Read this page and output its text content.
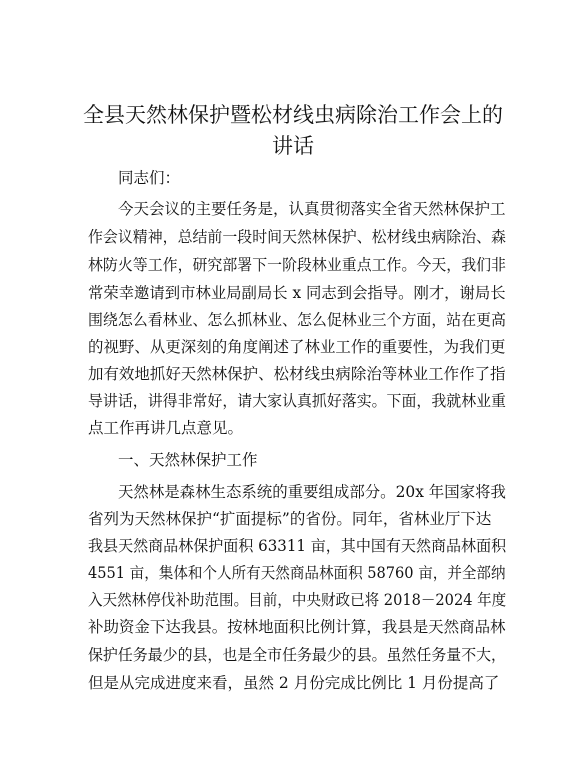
全县天然林保护暨松材线虫病除治工作会上的
讲话

同志们：

今天会议的主要任务是，认真贯彻落实全省天然林保护工

作会议精神，总结前一段时间天然林保护、松材线虫病除治、森

林防火等工作，研究部署下一阶段林业重点工作。今天，我们非

常荣幸邀请到市林业局副局长 x 同志到会指导。刚才，谢局长

围绕怎么看林业、怎么抓林业、怎么促林业三个方面，站在更高

的视野、从更深刻的角度阐述了林业工作的重要性，为我们更

加有效地抓好天然林保护、松材线虫病除治等林业工作作了指

导讲话，讲得非常好，请大家认真抓好落实。下面，我就林业重

点工作再讲几点意见。

一、天然林保护工作

天然林是森林生态系统的重要组成部分。20x 年国家将我

省列为天然林保护“扩面提标”的省份。同年，省林业厅下达

我县天然商品林保护面积 63311 亩，其中国有天然商品林面积

4551 亩，集体和个人所有天然商品林面积 58760 亩，并全部纳

入天然林停伐补助范围。目前，中央财政已将 2018－2024 年度

补助资金下达我县。按林地面积比例计算，我县是天然商品林

保护任务最少的县，也是全市任务最少的县。虽然任务量不大，

但是从完成进度来看，虽然 2 月份完成比例比 1 月份提高了
